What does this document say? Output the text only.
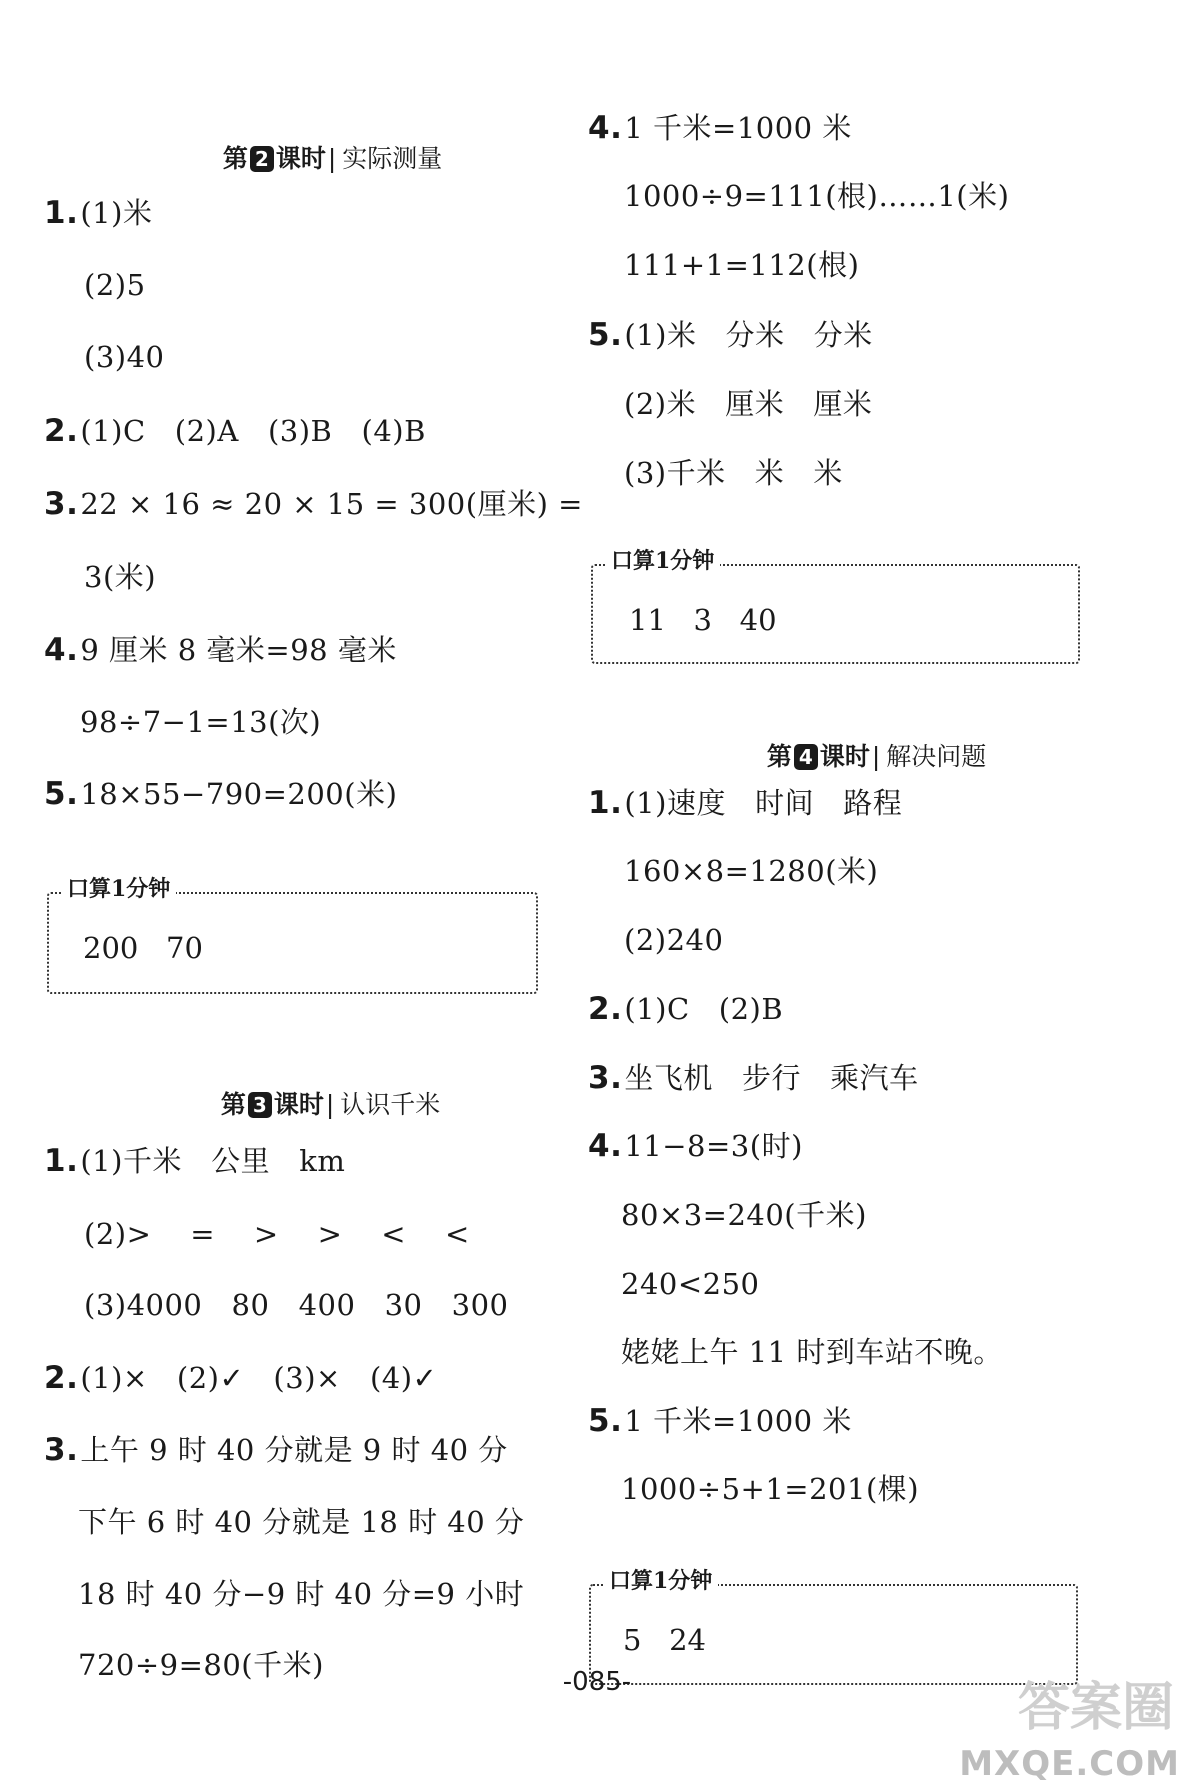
第 2 课时| 实际测量

1.(1)米
(2)5
(3)40
2.(1)C   (2)A   (3)B   (4)B
3.22 × 16 ≈ 20 × 15 = 300(厘米) =
3(米)
4.9 厘米 8 毫米=98 毫米
98÷7−1=13(次)
5.18×55−790=200(米)
口算1分钟
200   70

第 3 课时| 认识千米

1.(1)千米   公里   km
(2)>    =    >    >    <    <
(3)4000   80   400   30   300
2.(1)×   (2)✓   (3)×   (4)✓
3.上午 9 时 40 分就是 9 时 40 分
下午 6 时 40 分就是 18 时 40 分
18 时 40 分−9 时 40 分=9 小时
720÷9=80(千米)
4.1 千米=1000 米
1000÷9=111(根)……1(米)
111+1=112(根)
5.(1)米   分米   分米
(2)米   厘米   厘米
(3)千米   米   米
口算1分钟
11   3   40

第 4 课时| 解决问题

1.(1)速度   时间   路程
160×8=1280(米)
(2)240
2.(1)C   (2)B
3.坐飞机   步行   乘汽车
4.11−8=3(时)
80×3=240(千米)
240<250
姥姥上午 11 时到车站不晚。
5.1 千米=1000 米
1000÷5+1=201(棵)
口算1分钟
5   24
-085-	答案圈
MXQE.COM
